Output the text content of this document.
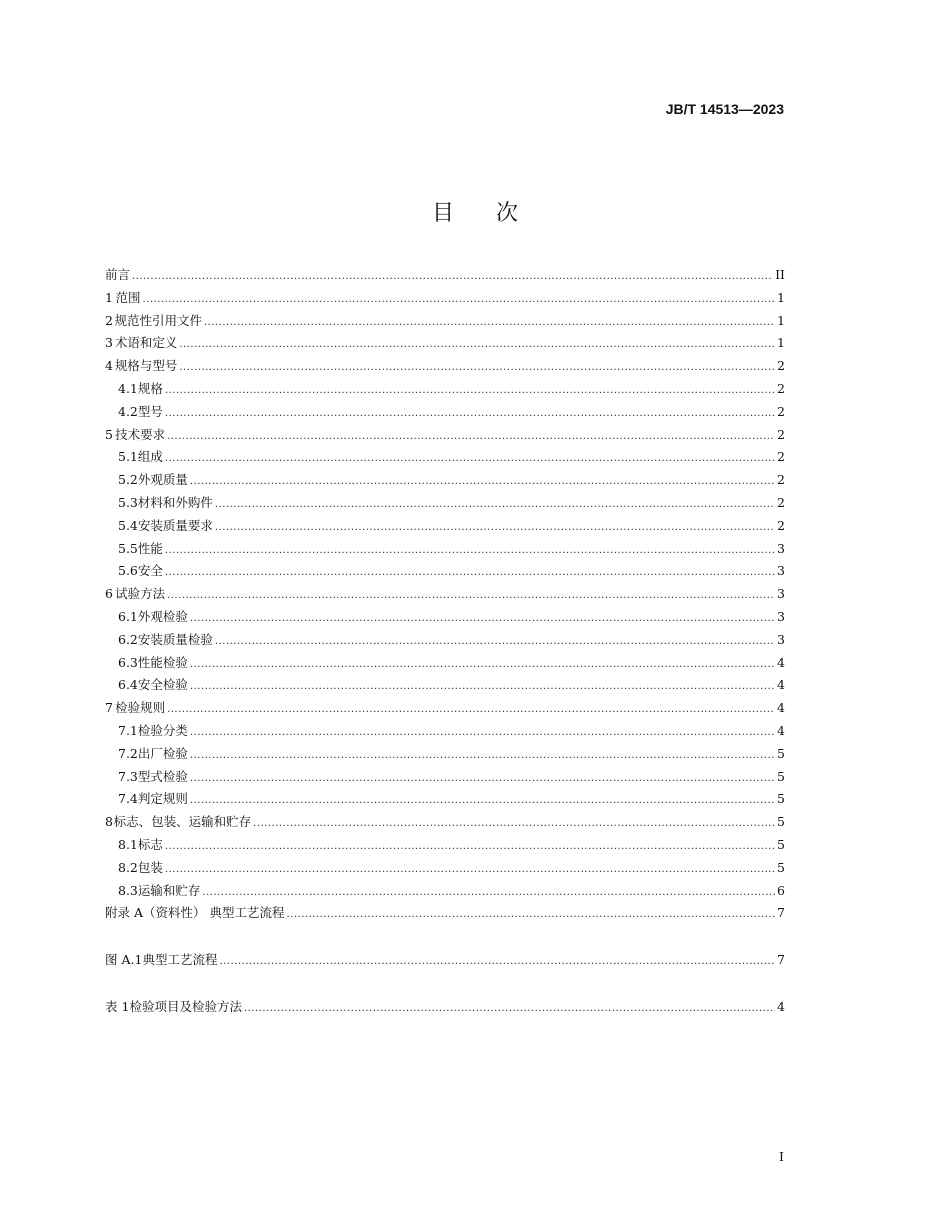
JB/T 14513—2023
目次
前言 .....	II
1 范围 .....	1
2 规范性引用文件 .....	1
3 术语和定义 .....	1
4 规格与型号 .....	2
4.1 规格 .....	2
4.2 型号 .....	2
5 技术要求 .....	2
5.1 组成 .....	2
5.2 外观质量 .....	2
5.3 材料和外购件 .....	2
5.4 安装质量要求 .....	2
5.5 性能 .....	3
5.6 安全 .....	3
6 试验方法 .....	3
6.1 外观检验 .....	3
6.2 安装质量检验 .....	3
6.3 性能检验 .....	4
6.4 安全检验 .....	4
7 检验规则 .....	4
7.1 检验分类 .....	4
7.2 出厂检验 .....	5
7.3 型式检验 .....	5
7.4 判定规则 .....	5
8 标志、包装、运输和贮存 .....	5
8.1 标志 .....	5
8.2 包装 .....	5
8.3 运输和贮存 .....	6
附录 A（资料性） 典型工艺流程 .....	7
图 A.1 典型工艺流程 .....	7
表 1 检验项目及检验方法 .....	4
I
